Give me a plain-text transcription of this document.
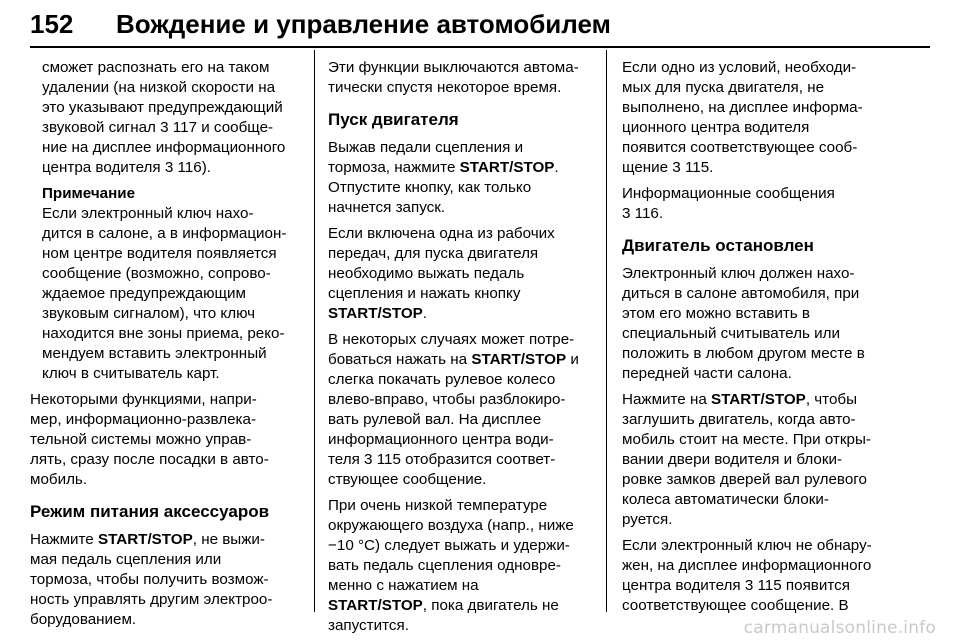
152 Вождение и управление автомобилем
сможет распознать его на таком
удалении (на низкой скорости на
это указывают предупреждающий
звуковой сигнал 3 117 и сообще-
ние на дисплее информационного
центра водителя 3 116).
Примечание
Если электронный ключ нахо-
дится в салоне, а в информацион-
ном центре водителя появляется
сообщение (возможно, сопрово-
ждаемое предупреждающим
звуковым сигналом), что ключ
находится вне зоны приема, реко-
мендуем вставить электронный
ключ в считыватель карт.
Некоторыми функциями, напри-
мер, информационно-развлека-
тельной системы можно управ-
лять, сразу после посадки в авто-
мобиль.
Режим питания аксессуаров
Нажмите START/STOP, не выжи-
мая педаль сцепления или
тормоза, чтобы получить возмож-
ность управлять другим электроо-
борудованием.
Эти функции выключаются автома-
тически спустя некоторое время.
Пуск двигателя
Выжав педали сцепления и
тормоза, нажмите START/STOP.
Отпустите кнопку, как только
начнется запуск.
Если включена одна из рабочих
передач, для пуска двигателя
необходимо выжать педаль
сцепления и нажать кнопку
START/STOP.
В некоторых случаях может потре-
боваться нажать на START/STOP и
слегка покачать рулевое колесо
влево-вправо, чтобы разблокиро-
вать рулевой вал. На дисплее
информационного центра води-
теля 3 115 отобразится соответ-
ствующее сообщение.
При очень низкой температуре
окружающего воздуха (напр., ниже
−10 °C) следует выжать и удержи-
вать педаль сцепления одновре-
менно с нажатием на
START/STOP, пока двигатель не
запустится.
Если одно из условий, необходи-
мых для пуска двигателя, не
выполнено, на дисплее информа-
ционного центра водителя
появится соответствующее сооб-
щение 3 115.
Информационные сообщения
3 116.
Двигатель остановлен
Электронный ключ должен нахо-
диться в салоне автомобиля, при
этом его можно вставить в
специальный считыватель или
положить в любом другом месте в
передней части салона.
Нажмите на START/STOP, чтобы
заглушить двигатель, когда авто-
мобиль стоит на месте. При откры-
вании двери водителя и блоки-
ровке замков дверей вал рулевого
колеса автоматически блоки-
руется.
Если электронный ключ не обнару-
жен, на дисплее информационного
центра водителя 3 115 появится
соответствующее сообщение. В
carmanualsonline.info
